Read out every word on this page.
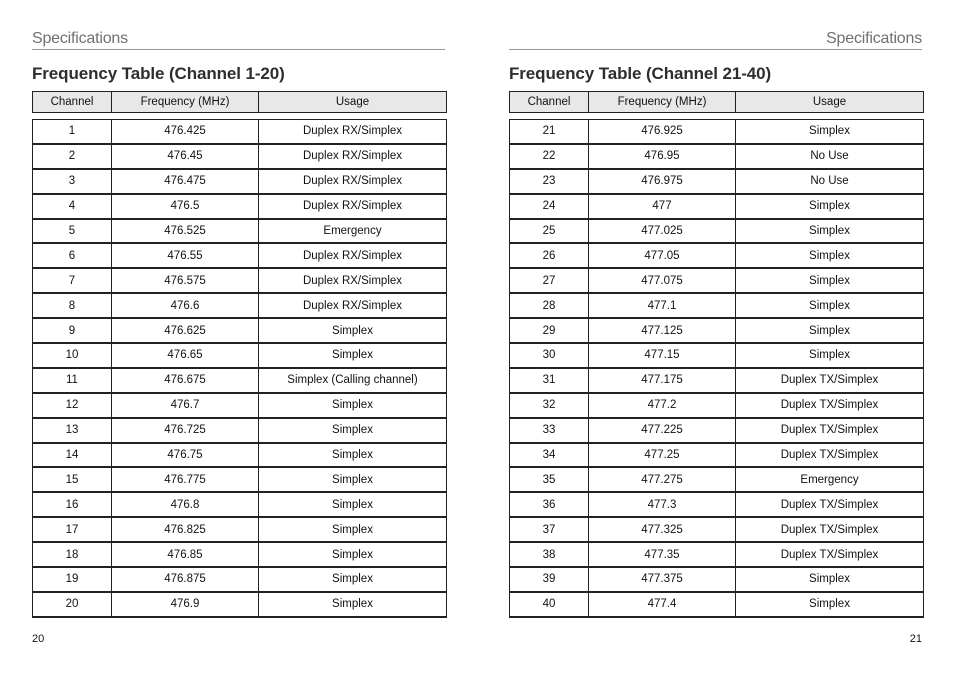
Specifications
Frequency Table (Channel 1-20)
Channel	Frequency (MHz)	Usage
1	476.425	Duplex RX/Simplex
2	476.45	Duplex RX/Simplex
3	476.475	Duplex RX/Simplex
4	476.5	Duplex RX/Simplex
5	476.525	Emergency
6	476.55	Duplex RX/Simplex
7	476.575	Duplex RX/Simplex
8	476.6	Duplex RX/Simplex
9	476.625	Simplex
10	476.65	Simplex
11	476.675	Simplex (Calling channel)
12	476.7	Simplex
13	476.725	Simplex
14	476.75	Simplex
15	476.775	Simplex
16	476.8	Simplex
17	476.825	Simplex
18	476.85	Simplex
19	476.875	Simplex
20	476.9	Simplex
20
Specifications
Frequency Table (Channel 21-40)
Channel	Frequency (MHz)	Usage
21	476.925	Simplex
22	476.95	No Use
23	476.975	No Use
24	477	Simplex
25	477.025	Simplex
26	477.05	Simplex
27	477.075	Simplex
28	477.1	Simplex
29	477.125	Simplex
30	477.15	Simplex
31	477.175	Duplex TX/Simplex
32	477.2	Duplex TX/Simplex
33	477.225	Duplex TX/Simplex
34	477.25	Duplex TX/Simplex
35	477.275	Emergency
36	477.3	Duplex TX/Simplex
37	477.325	Duplex TX/Simplex
38	477.35	Duplex TX/Simplex
39	477.375	Simplex
40	477.4	Simplex
21
